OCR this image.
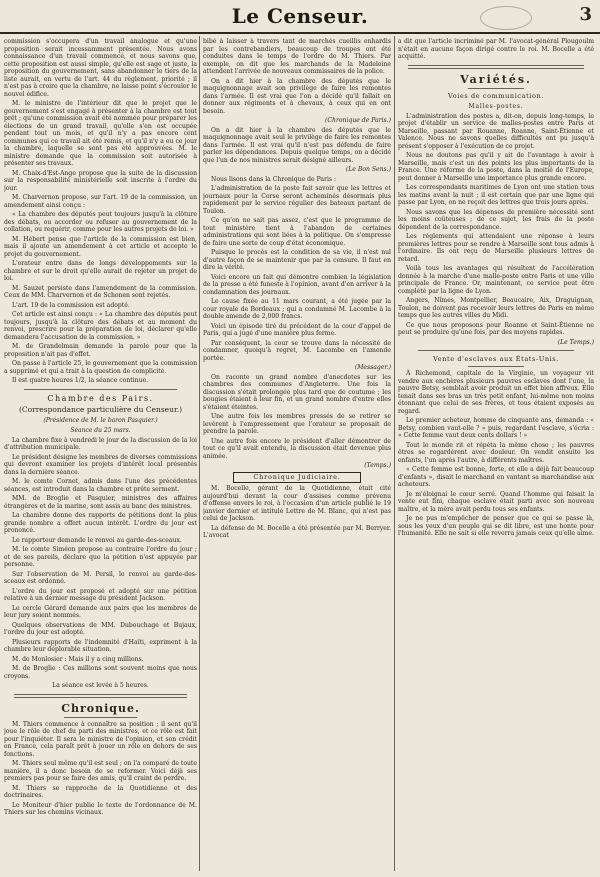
Le Censeur.	3

commission s'occupera d'un travail analogue et qu'une proposition serait incessamment présentée. Nous avons connaissance d'un travail commencé, et nous savons que, cette proposition est aussi simple, qu'elle est sage et juste, la proposition du gouvernement, sans abandonner le tiers de la liste aurait, en vertu de l'art. 44 du règlement, priorité ; il n'est pas à croire que la chambre, ne laisse point s'écrouler le nouvel édifice.

M. le ministre de l'intérieur dit que le projet que le gouvernement s'est engagé à présenter à la chambre est tout prêt ; qu'une commission avait été nommée pour préparer les élections de un grand travail, qu'elle s'en est occupée pendant tout un mois, et qu'il n'y a pas encore cent communes qui ce travail ait été remis, et qu'il n'y a eu ce jour la chambre, laquelle se sont pas été approuvées. M. le ministre demande que la commission soit autorisée à présenter ses travaux.

M. Chaix-d'Est-Ange propose que la suite de la discussion sur la responsabilité ministérielle soit inscrite à l'ordre du jour.

M. Charvernon propose, sur l'art. 19 de la commission, un amendement ainsi conçu :

« La chambre des députés peut toujours jusqu'à la clôture des débats, ou accorder ou refuser au gouvernement de la collation, ou requérir, comme pour les autres projets de loi. »

M. Hébert pense que l'article de la commission est bien, mais il ajoute un amendement à cet article et accepte le projet du gouvernement.

L'orateur entre dans de longs développements sur la chambre et sur le droit qu'elle aurait de rejeter un projet de loi.

M. Sauzet persiste dans l'amendement de la commission. Ceux de MM. Charvernon et de Schonen sont rejetés.

L'art. 19 de la commission est adopté.

Cet article est ainsi conçu : « La chambre des députés peut toujours, jusqu'à la clôture des débats et au moment du renvoi, prescrire pour la préparation de loi, déclarer qu'elle demandera l'accusation de la commission. »

M. de Grandelmain demande la parole pour que la proposition n'ait pas d'effet.

On passe à l'article 25, le gouvernement que la commission a supprimé et qui a trait à la question de complicité.

Il est quatre heures 1/2, la séance continue.

Chambre des Pairs.
(Correspondance particulière du Censeur.)
(Présidence de M. le baron Pasquier.)
Séance du 25 mars.

La chambre fixe à vendredi le jour de la discussion de la loi d'attribution municipale.

Le président désigne les membres de diverses commissions qui devront examiner les projets d'intérêt local présentés dans la dernière séance.

M. le comte Cornet, admis dans l'une des précédentes séances, est introduit dans la chambre et prête serment.

MM. de Broglie et Pasquier, ministres des affaires étrangères et de la marine, sont assis au banc des ministres.

La chambre donne des rapports de pétitions dont la plus grande nombre a offert aucun intérêt. L'ordre du jour est prononcé.

Le rapporteur demande le renvoi au garde-des-sceaux.

M. le comte Siméon propose au contraire l'ordre du jour ; et de ses pareils, déclare que la pétition n'est appuyée par personne.

Sur l'observation de M. Persil, le renvoi au garde-des-sceaux est ordonné.

L'ordre du jour est proposé et adopté sur une pétition relative à un dernier message du président Jackson.

Le cercle Gérard demande aux pairs que les membres de leur jury soient nommés.

Quelques observations de MM. Dubouchage et Bujaux, l'ordre du jour est adopté.

Plusieurs rapports de l'indemnité d'Haïti, expriment à la chambre leur déplorable situation.

M. de Monlosier : Mais il y a cinq millions.

M. de Broglie : Ces millions sont souvent moins que nous croyons.

La séance est levée à 5 heures.

Chronique.

M. Thiers commence à connaître sa position ; il sent qu'il joue le rôle de chef du parti des ministres, et ce rôle est fait pour l'inquiéter. Il sera le ministre de l'opinion, et son crédit en France, cela paraît prêt à jouer un rôle en dehors de ses fonctions.

M. Thiers seul même qu'il est seul ; on l'a comparé de toute manière, il a donc besoin de se reformer. Voici déjà ses premiers pas pour se faire des amis, qu'il craint de perdre.

M. Thiers se rapproche de la Quotidienne et des doctrinaires.

Le Moniteur d'hier publie le texte de l'ordonnance de M. Thiers sur les chemins vicinaux.

bibé à laisser à travers tant de marchés cueillis enhardis par les contrebandiers, beaucoup de troupes ont été conduites dans le temps de l'ordre de M. Thiers. Par exemple, on dit que les marchands de la Madeleine attendent l'arrivée de nouveaux commissaires de la police.

On a dit hier à la chambre des députés que le maquignonnage avait son privilège de faire les remontes dans l'armée. Il est vrai que l'on a décidé qu'il fallait en donner aux régiments et à chevaux, à ceux qui en ont besoin.

(Chronique de Paris.)

On a dit hier à la chambre des députés que le maquignonnage avait seul le privilège de faire les remontes dans l'armée. Il est vrai qu'il n'est pas défendu de faire parler les dépendances. Depuis quelque temps, on a décidé que l'un de nos ministres serait désigné ailleurs.

(Le Bon Sens.)

Nous lisons dans la Chronique de Paris :

L'administration de la poste fait savoir que les lettres et journaux pour la Corse seront acheminés désormais plus rapidement par le service régulier des bateaux partant de Toulon.

Ce qu'on ne sait pas assez, c'est que le programme de tout ministère tient à l'abandon de certaines administrations qui sont liées à la politique. On s'empresse de faire une sorte de coup d'état économique.

Puisque le procès est la condition de sa vie, il n'est nul d'autre façon de se maintenir que par la censure. Il faut en dire la vérité.

Voici encore un fait qui démontre combien la législation de la presse a été funeste à l'opinion, avant d'en arriver à la condamnation des journaux.

Le cause fixée au 11 mars courant, a été jugée par la cour royale de Bordeaux ; qui a condamné M. Lacombe à la double amende de 2,000 francs.

Voici un épisode tiré du précédent de la cour d'appel de Paris, qui a jugé d'une manière plus ferme.

Par conséquent, la cour se trouve dans la nécessité de condamner, quoiqu'à regret, M. Lacombe en l'amende portée.

(Messager.)

On raconte un grand nombre d'anecdotes sur les chambres des communes d'Angleterre. Une fois la discussion s'était prolongée plus tard que de coutume ; les bougies étaient à leur fin, et un grand nombre d'entre elles s'étaient éteintes.

Une autre fois les membres pressés de se retirer se levèrent à l'empressement que l'orateur se proposait de prendre la parole.

Une autre fois encore le président d'aller démontrer de tout ce qu'il avait entendu, la discussion était devenue plus animée.

(Temps.)

Chronique Judiciaire.

M. Bocelle, gérant de la Quotidienne, était cité aujourd'hui devant la cour d'assises comme prévenu d'offense envers le roi, à l'occasion d'un article publié le 19 janvier dernier et intitulé Lettre de M. Blanc, qui n'est pas celui de Jackson.

La défense de M. Bocelle a été présentée par M. Berryer. L'avocat

a dit que l'article incriminé par M. l'avocat-général Plougoulm n'était en aucune façon dirigé contre le roi. M. Bocelle a été acquitté.

Variétés.
Voies de communication.
Malles-postes.

L'administration des postes a, dit-on, depuis long-temps, le projet d'établir un service de malles-postes entre Paris et Marseille, passant par Rouanne, Roanne, Saint-Étienne et Valence. Nous ne savons quelles difficultés ont pu jusqu'à présent s'opposer à l'exécution de ce projet.

Nous ne doutons pas qu'il y ait de l'avantage à avoir à Marseille, mais c'est un des points les plus importants de la France. Une réforme de la poste, dans la moitié de l'Europe, peut donner à Marseille une importance plus grande encore.

Les correspondants maritimes de Lyon ont une station tous les matins avant la nuit ; il est certain que par une ligne qui passe par Lyon, on ne reçoit des lettres que trois jours après.

Nous savons que les dépenses de première nécessité sont les moins coûteuses ; de ce sujet, les frais de la poste dépendent de la correspondance.

Les réglements qui attendaient une réponse à leurs premières lettres pour se rendre à Marseille sont tous admis à l'ordinaire. Ils ont reçu de Marseille plusieurs lettres de retard.

Voilà tous les avantages qui résultent de l'accélération donnée à la marche d'une malle-poste entre Paris et une ville principale de France. Or, maintenant, ce service peut être complété par la ligne de Lyon.

Angers, Nîmes, Montpellier, Beaucaire, Aix, Draguignan, Toulon, ne doivent pas recevoir leurs lettres de Paris en même temps que les autres villes du Midi.

Ce que nous proposons pour Roanne et Saint-Étienne ne peut se produire qu'une fois, par des moyens rapides.

(Le Temps.)

Vente d'esclaves aux États-Unis.

À Richemond, capitale de la Virginie, un voyageur vit vendre aux enchères plusieurs pauvres esclaves dont l'une, la pauvre Betsy, semblait avoir produit un effet bien affreux. Elle tenait dans ses bras un très petit enfant, lui-même non moins étonnant que celui de ses frères, et tous étaient exposés au regard.

Le premier acheteur, homme de cinquante ans, demanda : « Betsy, combien vaut-elle ? » puis, regardant l'esclave, s'écria : « Cette femme vaut deux cents dollars ! »

Tout le monde rit et répéta la même chose ; les pauvres êtres se regardèrent avec douleur. On vendit ensuite les enfants, l'un après l'autre, à différents maîtres.

« Cette femme est bonne, forte, et elle a déjà fait beaucoup d'enfants », disait le marchand en vantant sa marchandise aux acheteurs.

Je m'éloignai le cœur serré. Quand l'homme qui faisait la vente eut fini, chaque esclave était parti avec son nouveau maître, et la mère avait perdu tous ses enfants.

Je ne pus m'empêcher de penser que ce qui se passe là, sous les yeux d'un peuple qui se dit libre, est une honte pour l'humanité. Elle ne sait si elle reverra jamais ceux qu'elle aime.
